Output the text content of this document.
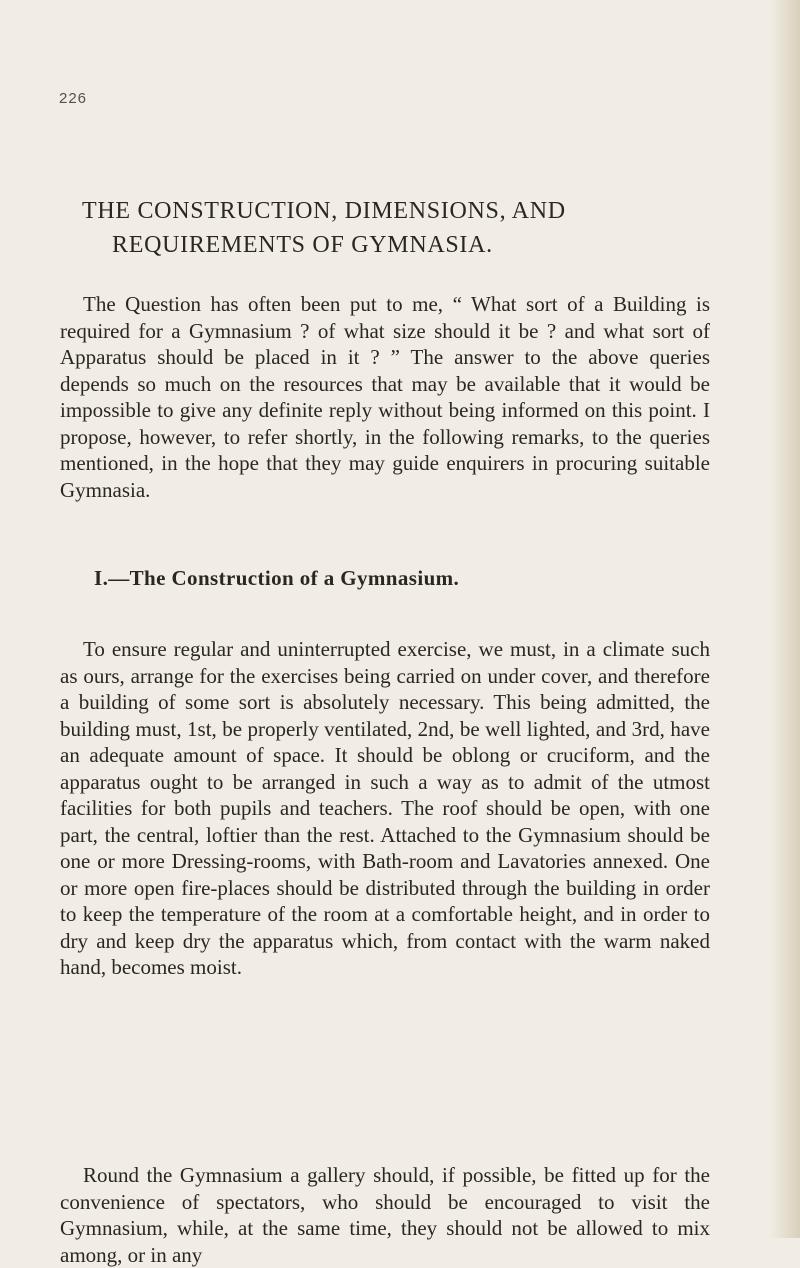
226
THE CONSTRUCTION, DIMENSIONS, AND
REQUIREMENTS OF GYMNASIA.

The Question has often been put to me, “ What sort of a Building is required for a Gymnasium ? of what size should it be ? and what sort of Apparatus should be placed in it ? ” The answer to the above queries depends so much on the resources that may be available that it would be impossible to give any definite reply without being informed on this point. I propose, however, to refer shortly, in the following remarks, to the queries mentioned, in the hope that they may guide enquirers in procuring suitable Gymnasia.

I.—The Construction of a Gymnasium.

To ensure regular and uninterrupted exercise, we must, in a climate such as ours, arrange for the exercises being carried on under cover, and therefore a building of some sort is absolutely necessary. This being admitted, the building must, 1st, be properly ventilated, 2nd, be well lighted, and 3rd, have an adequate amount of space. It should be oblong or cruciform, and the apparatus ought to be arranged in such a way as to admit of the utmost facilities for both pupils and teachers. The roof should be open, with one part, the central, loftier than the rest. Attached to the Gymnasium should be one or more Dressing-rooms, with Bath-room and Lavatories annexed. One or more open fire-places should be distributed through the building in order to keep the temperature of the room at a comfortable height, and in order to dry and keep dry the apparatus which, from contact with the warm naked hand, becomes moist.

Round the Gymnasium a gallery should, if possible, be fitted up for the convenience of spectators, who should be encouraged to visit the Gymnasium, while, at the same time, they should not be allowed to mix among, or in any
